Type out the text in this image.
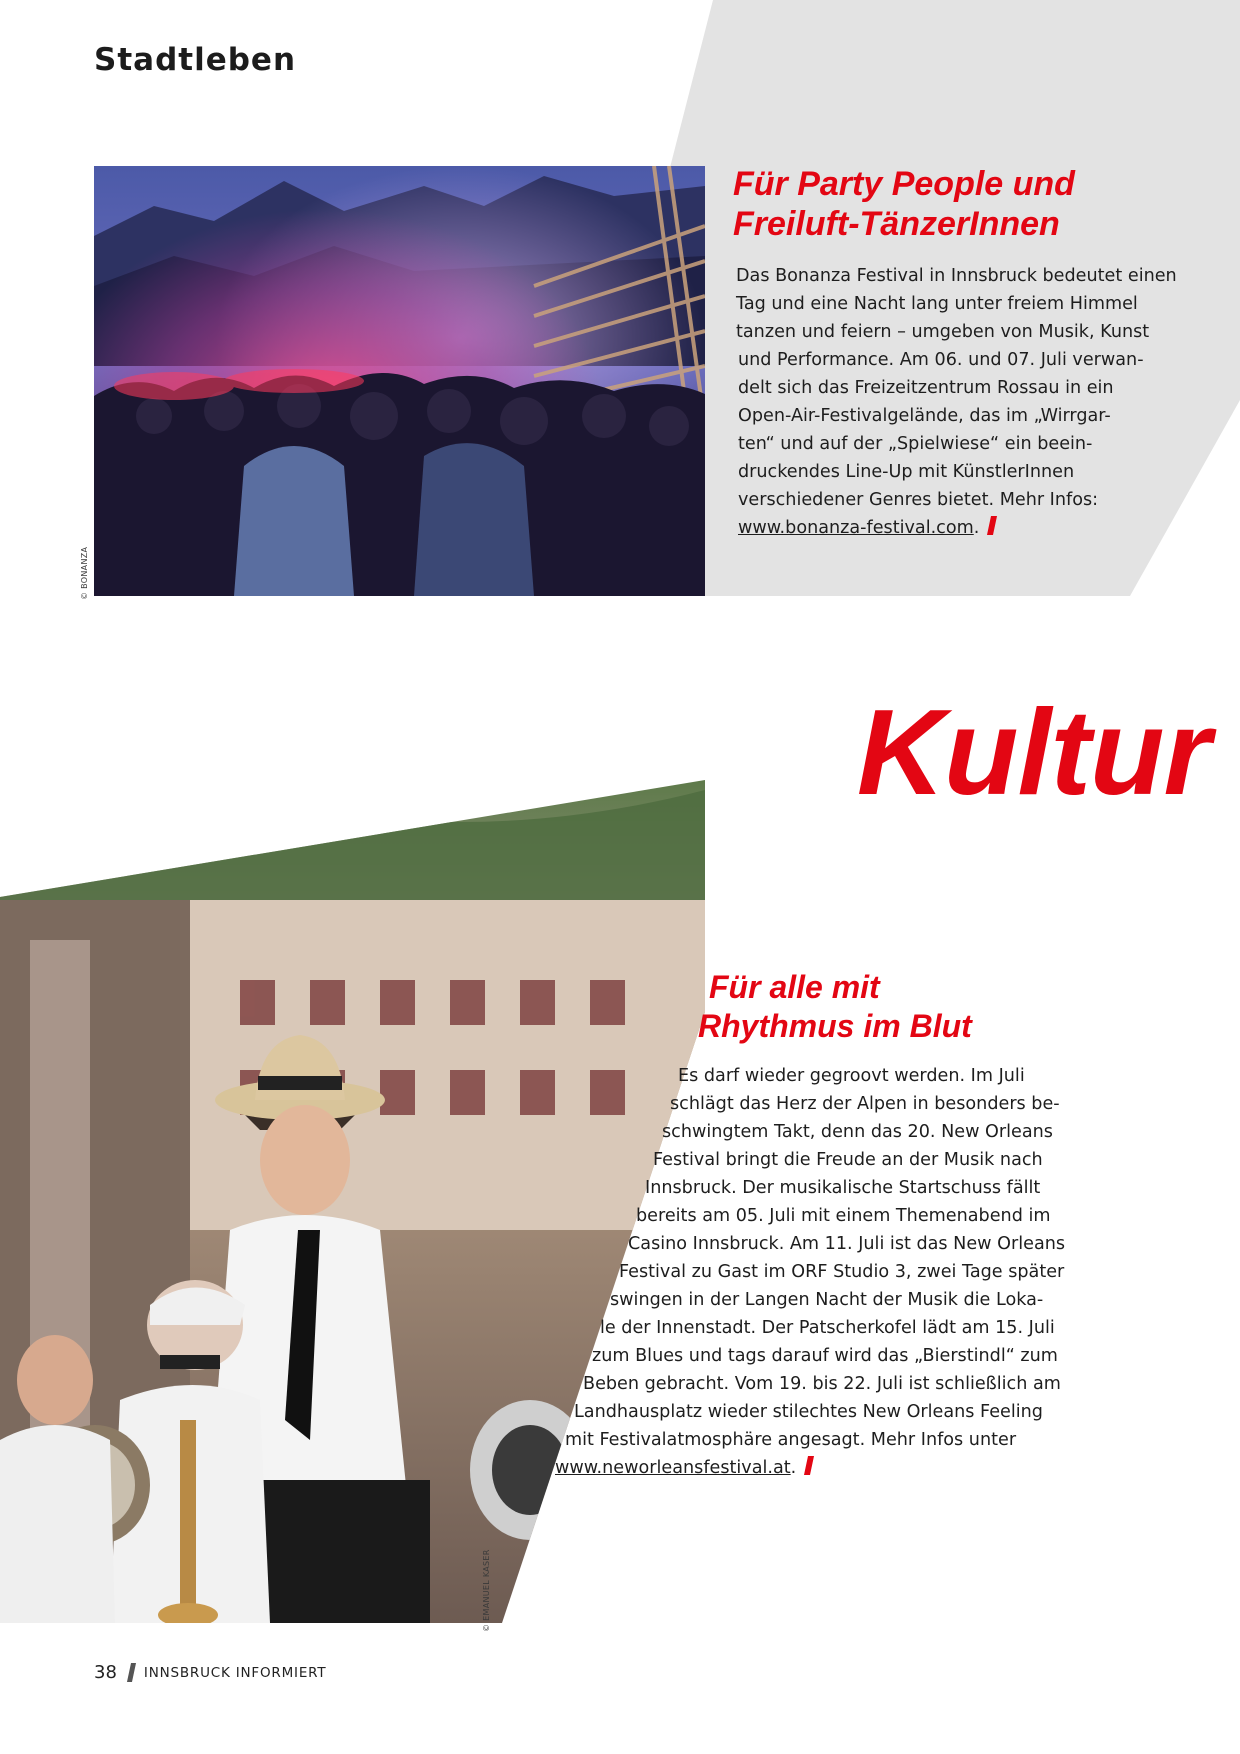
Stadtleben
© BONANZA
Für Party People und
Freiluft-TänzerInnen

Das Bonanza Festival in Innsbruck bedeutet einen
Tag und eine Nacht lang unter freiem Himmel
tanzen und feiern – umgeben von Musik, Kunst
und Performance. Am 06. und 07. Juli verwan-
delt sich das Freizeitzentrum Rossau in ein
Open-Air-Festivalgelände, das im „Wirrgar-
ten“ und auf der „Spielwiese“ ein beein-
druckendes Line-Up mit KünstlerInnen
verschiedener Genres bietet. Mehr Infos:
www.bonanza-festival.com.

Kultur
© EMANUEL KASER
Für alle mit
Rhythmus im Blut

Es darf wieder gegroovt werden. Im Juli
schlägt das Herz der Alpen in besonders be-
schwingtem Takt, denn das 20. New Orleans
Festival bringt die Freude an der Musik nach
Innsbruck. Der musikalische Startschuss fällt
bereits am 05. Juli mit einem Themenabend im
Casino Innsbruck. Am 11. Juli ist das New Orleans
Festival zu Gast im ORF Studio 3, zwei Tage später
swingen in der Langen Nacht der Musik die Loka-
le der Innenstadt. Der Patscherkofel lädt am 15. Juli
zum Blues und tags darauf wird das „Bierstindl“ zum
Beben gebracht. Vom 19. bis 22. Juli ist schließlich am
Landhausplatz wieder stilechtes New Orleans Feeling
mit Festivalatmosphäre angesagt. Mehr Infos unter
www.neworleansfestival.at.

38 INNSBRUCK INFORMIERT
